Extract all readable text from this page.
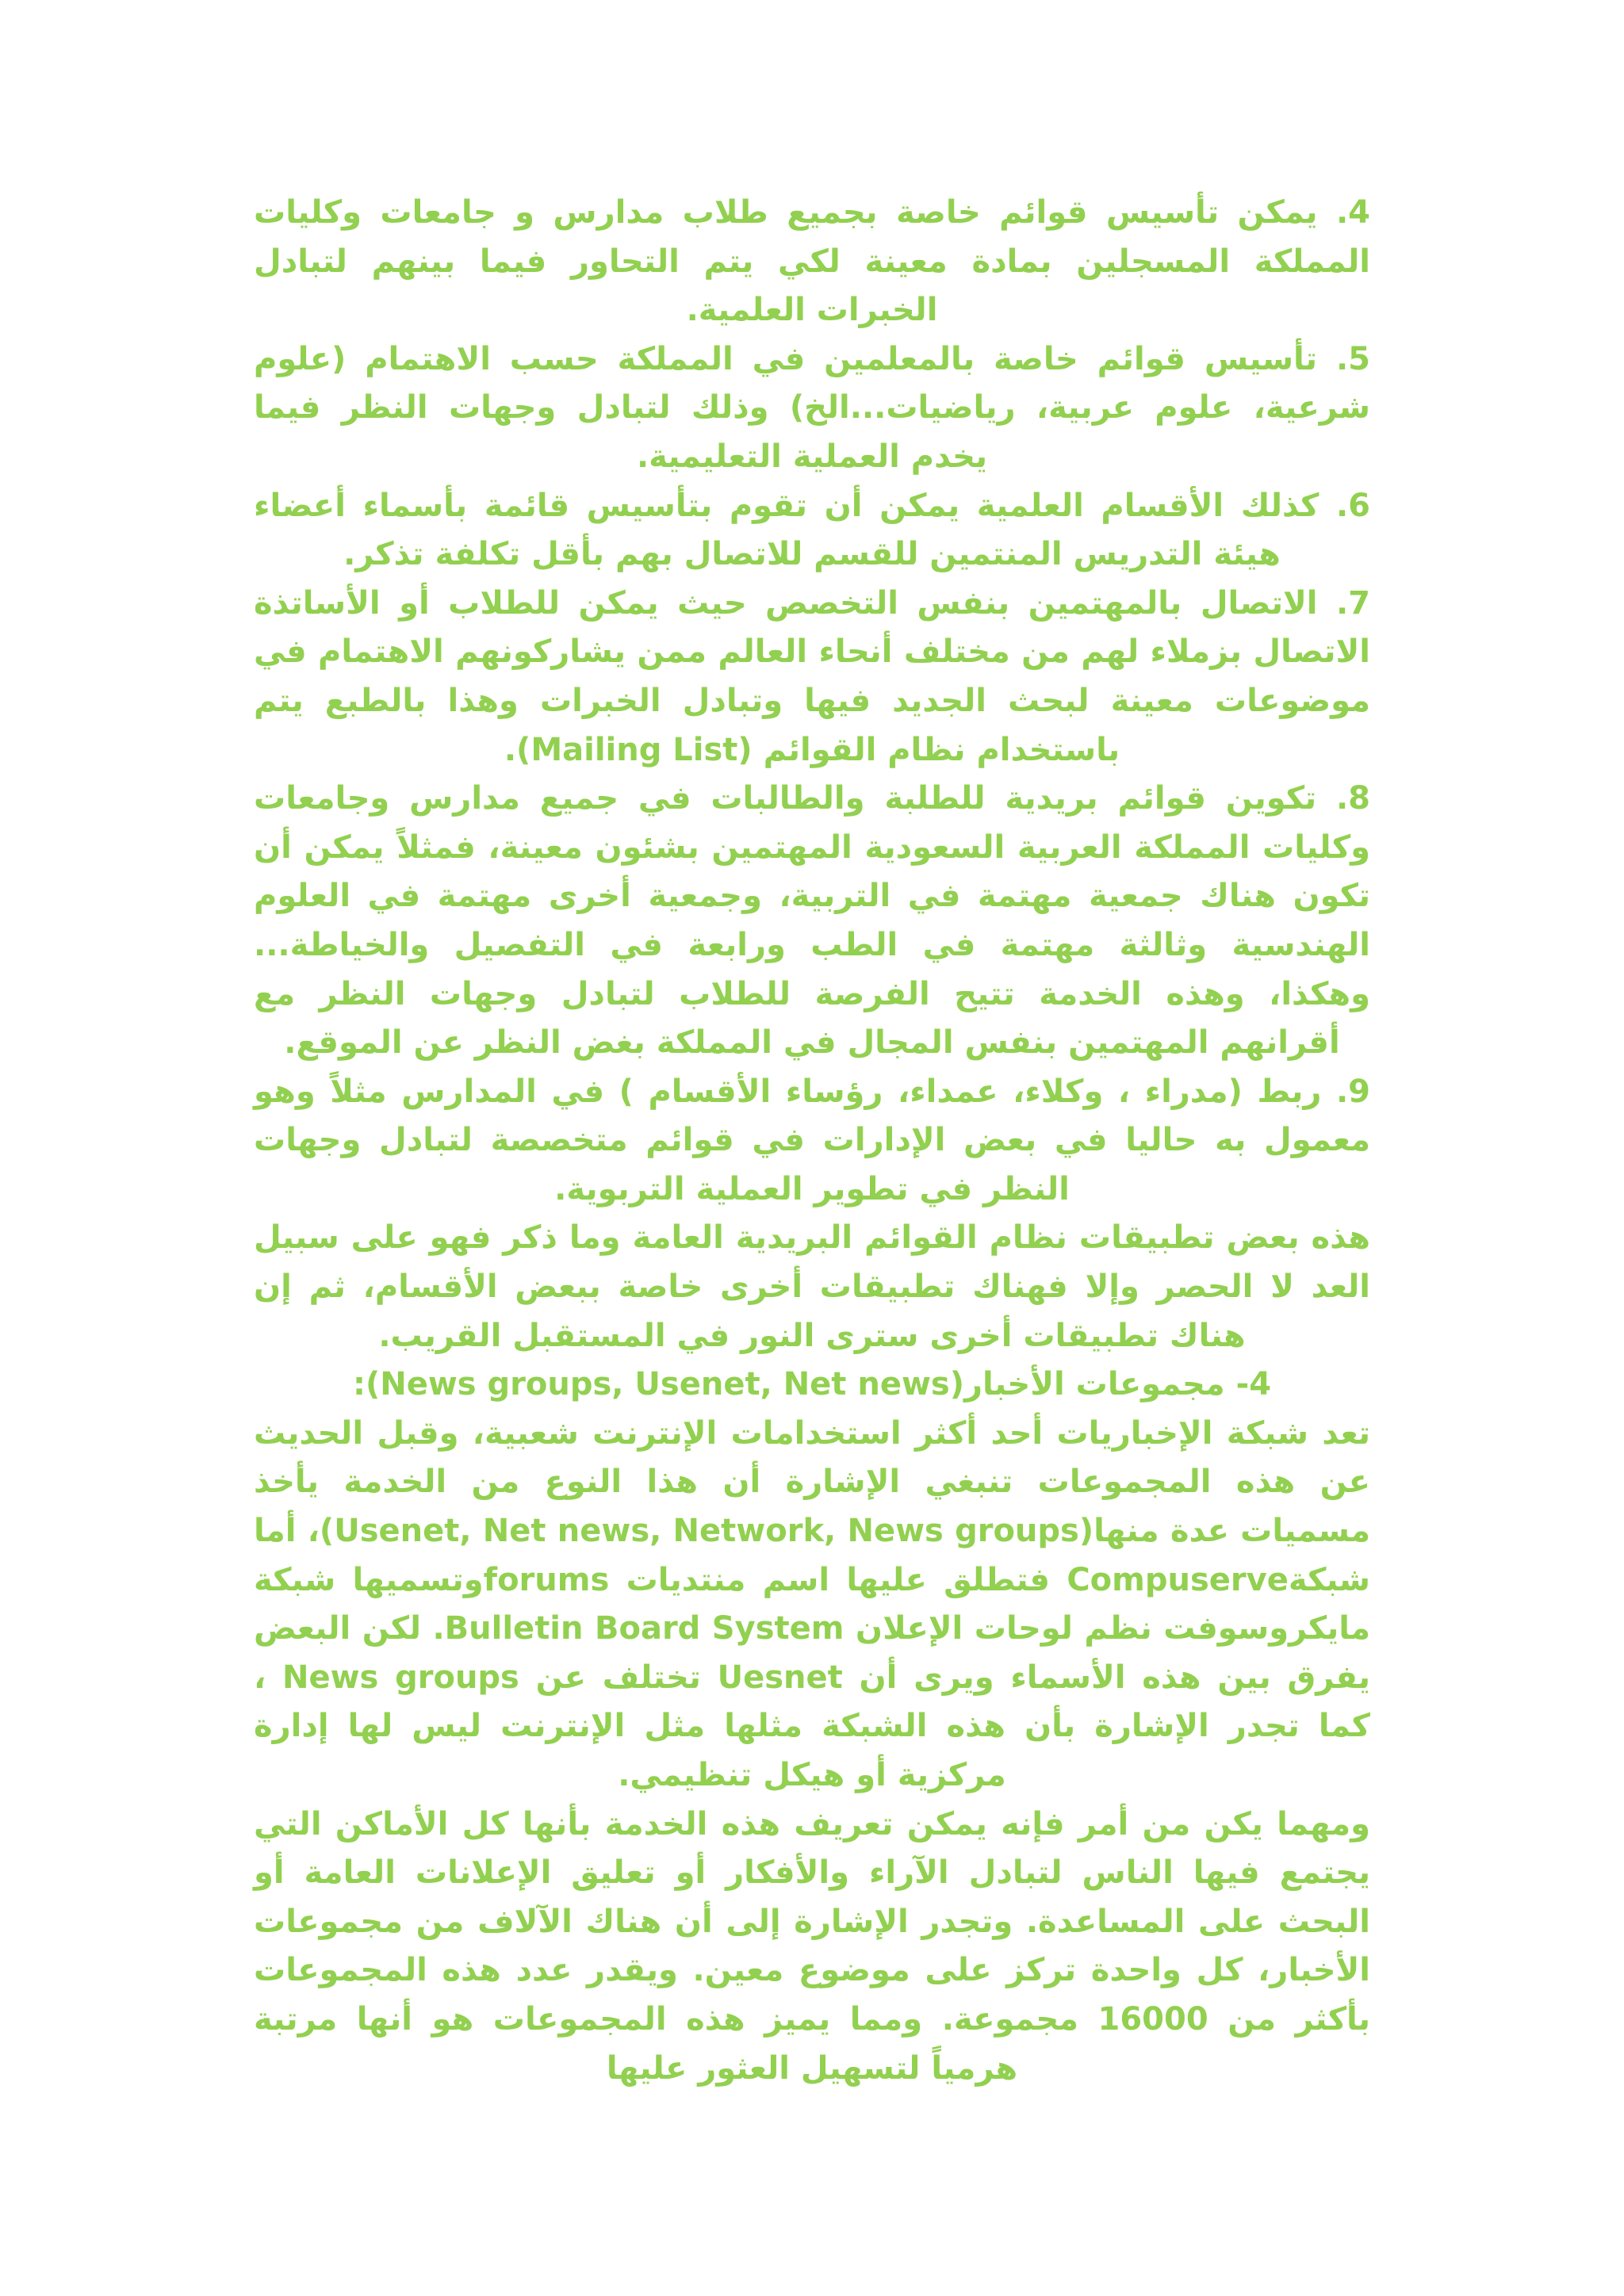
4. يمكن تأسيس قوائم خاصة بجميع طلاب مدارس و جامعات وكليات المملكة المسجلين بمادة معينة لكي يتم التحاور فيما بينهم لتبادل الخبرات العلمية.

5. تأسيس قوائم خاصة بالمعلمين في المملكة حسب الاهتمام (علوم شرعية، علوم عربية، رياضيات...الخ) وذلك لتبادل وجهات النظر فيما يخدم العملية التعليمية.

6. كذلك الأقسام العلمية يمكن أن تقوم بتأسيس قائمة بأسماء أعضاء هيئة التدريس المنتمين للقسم للاتصال بهم بأقل تكلفة تذكر.

7. الاتصال بالمهتمين بنفس التخصص حيث يمكن للطلاب أو الأساتذة الاتصال بزملاء لهم من مختلف أنحاء العالم ممن يشاركونهم الاهتمام في موضوعات معينة لبحث الجديد فيها وتبادل الخبرات وهذا بالطبع يتم باستخدام نظام القوائم (Mailing List).

8. تكوين قوائم بريدية للطلبة والطالبات في جميع مدارس وجامعات وكليات المملكة العربية السعودية المهتمين بشئون معينة، فمثلاً يمكن أن تكون هناك جمعية مهتمة في التربية، وجمعية أخرى مهتمة في العلوم الهندسية وثالثة مهتمة في الطب ورابعة في التفصيل والخياطة... وهكذا، وهذه الخدمة تتيح الفرصة للطلاب لتبادل وجهات النظر مع أقرانهم المهتمين بنفس المجال في المملكة بغض النظر عن الموقع.

9. ربط (مدراء ، وكلاء، عمداء، رؤساء الأقسام ) في المدارس مثلاً وهو معمول به حاليا في بعض الإدارات في قوائم متخصصة لتبادل وجهات النظر في تطوير العملية التربوية.

هذه بعض تطبيقات نظام القوائم البريدية العامة وما ذكر فهو على سبيل العد لا الحصر وإلا فهناك تطبيقات أخرى خاصة ببعض الأقسام، ثم إن هناك تطبيقات أخرى سترى النور في المستقبل القريب.

4- مجموعات الأخبار(News groups, Usenet, Net news):

تعد شبكة الإخباريات أحد أكثر استخدامات الإنترنت شعبية، وقبل الحديث عن هذه المجموعات تنبغي الإشارة أن هذا النوع من الخدمة يأخذ مسميات عدة منها(Usenet, Net news, Network, News groups)، أما شبكةCompuserve فتطلق عليها اسم منتديات forumsوتسميها شبكة مايكروسوفت نظم لوحات الإعلان Bulletin Board System. لكن البعض يفرق بين هذه الأسماء ويرى أن Uesnet تختلف عن News groups ، كما تجدر الإشارة بأن هذه الشبكة مثلها مثل الإنترنت ليس لها إدارة مركزية أو هيكل تنظيمي.

ومهما يكن من أمر فإنه يمكن تعريف هذه الخدمة بأنها كل الأماكن التي يجتمع فيها الناس لتبادل الآراء والأفكار أو تعليق الإعلانات العامة أو البحث على المساعدة. وتجدر الإشارة إلى أن هناك الآلاف من مجموعات الأخبار، كل واحدة تركز على موضوع معين. ويقدر عدد هذه المجموعات بأكثر من 16000 مجموعة. ومما يميز هذه المجموعات هو أنها مرتبة هرمياً لتسهيل العثور عليها
